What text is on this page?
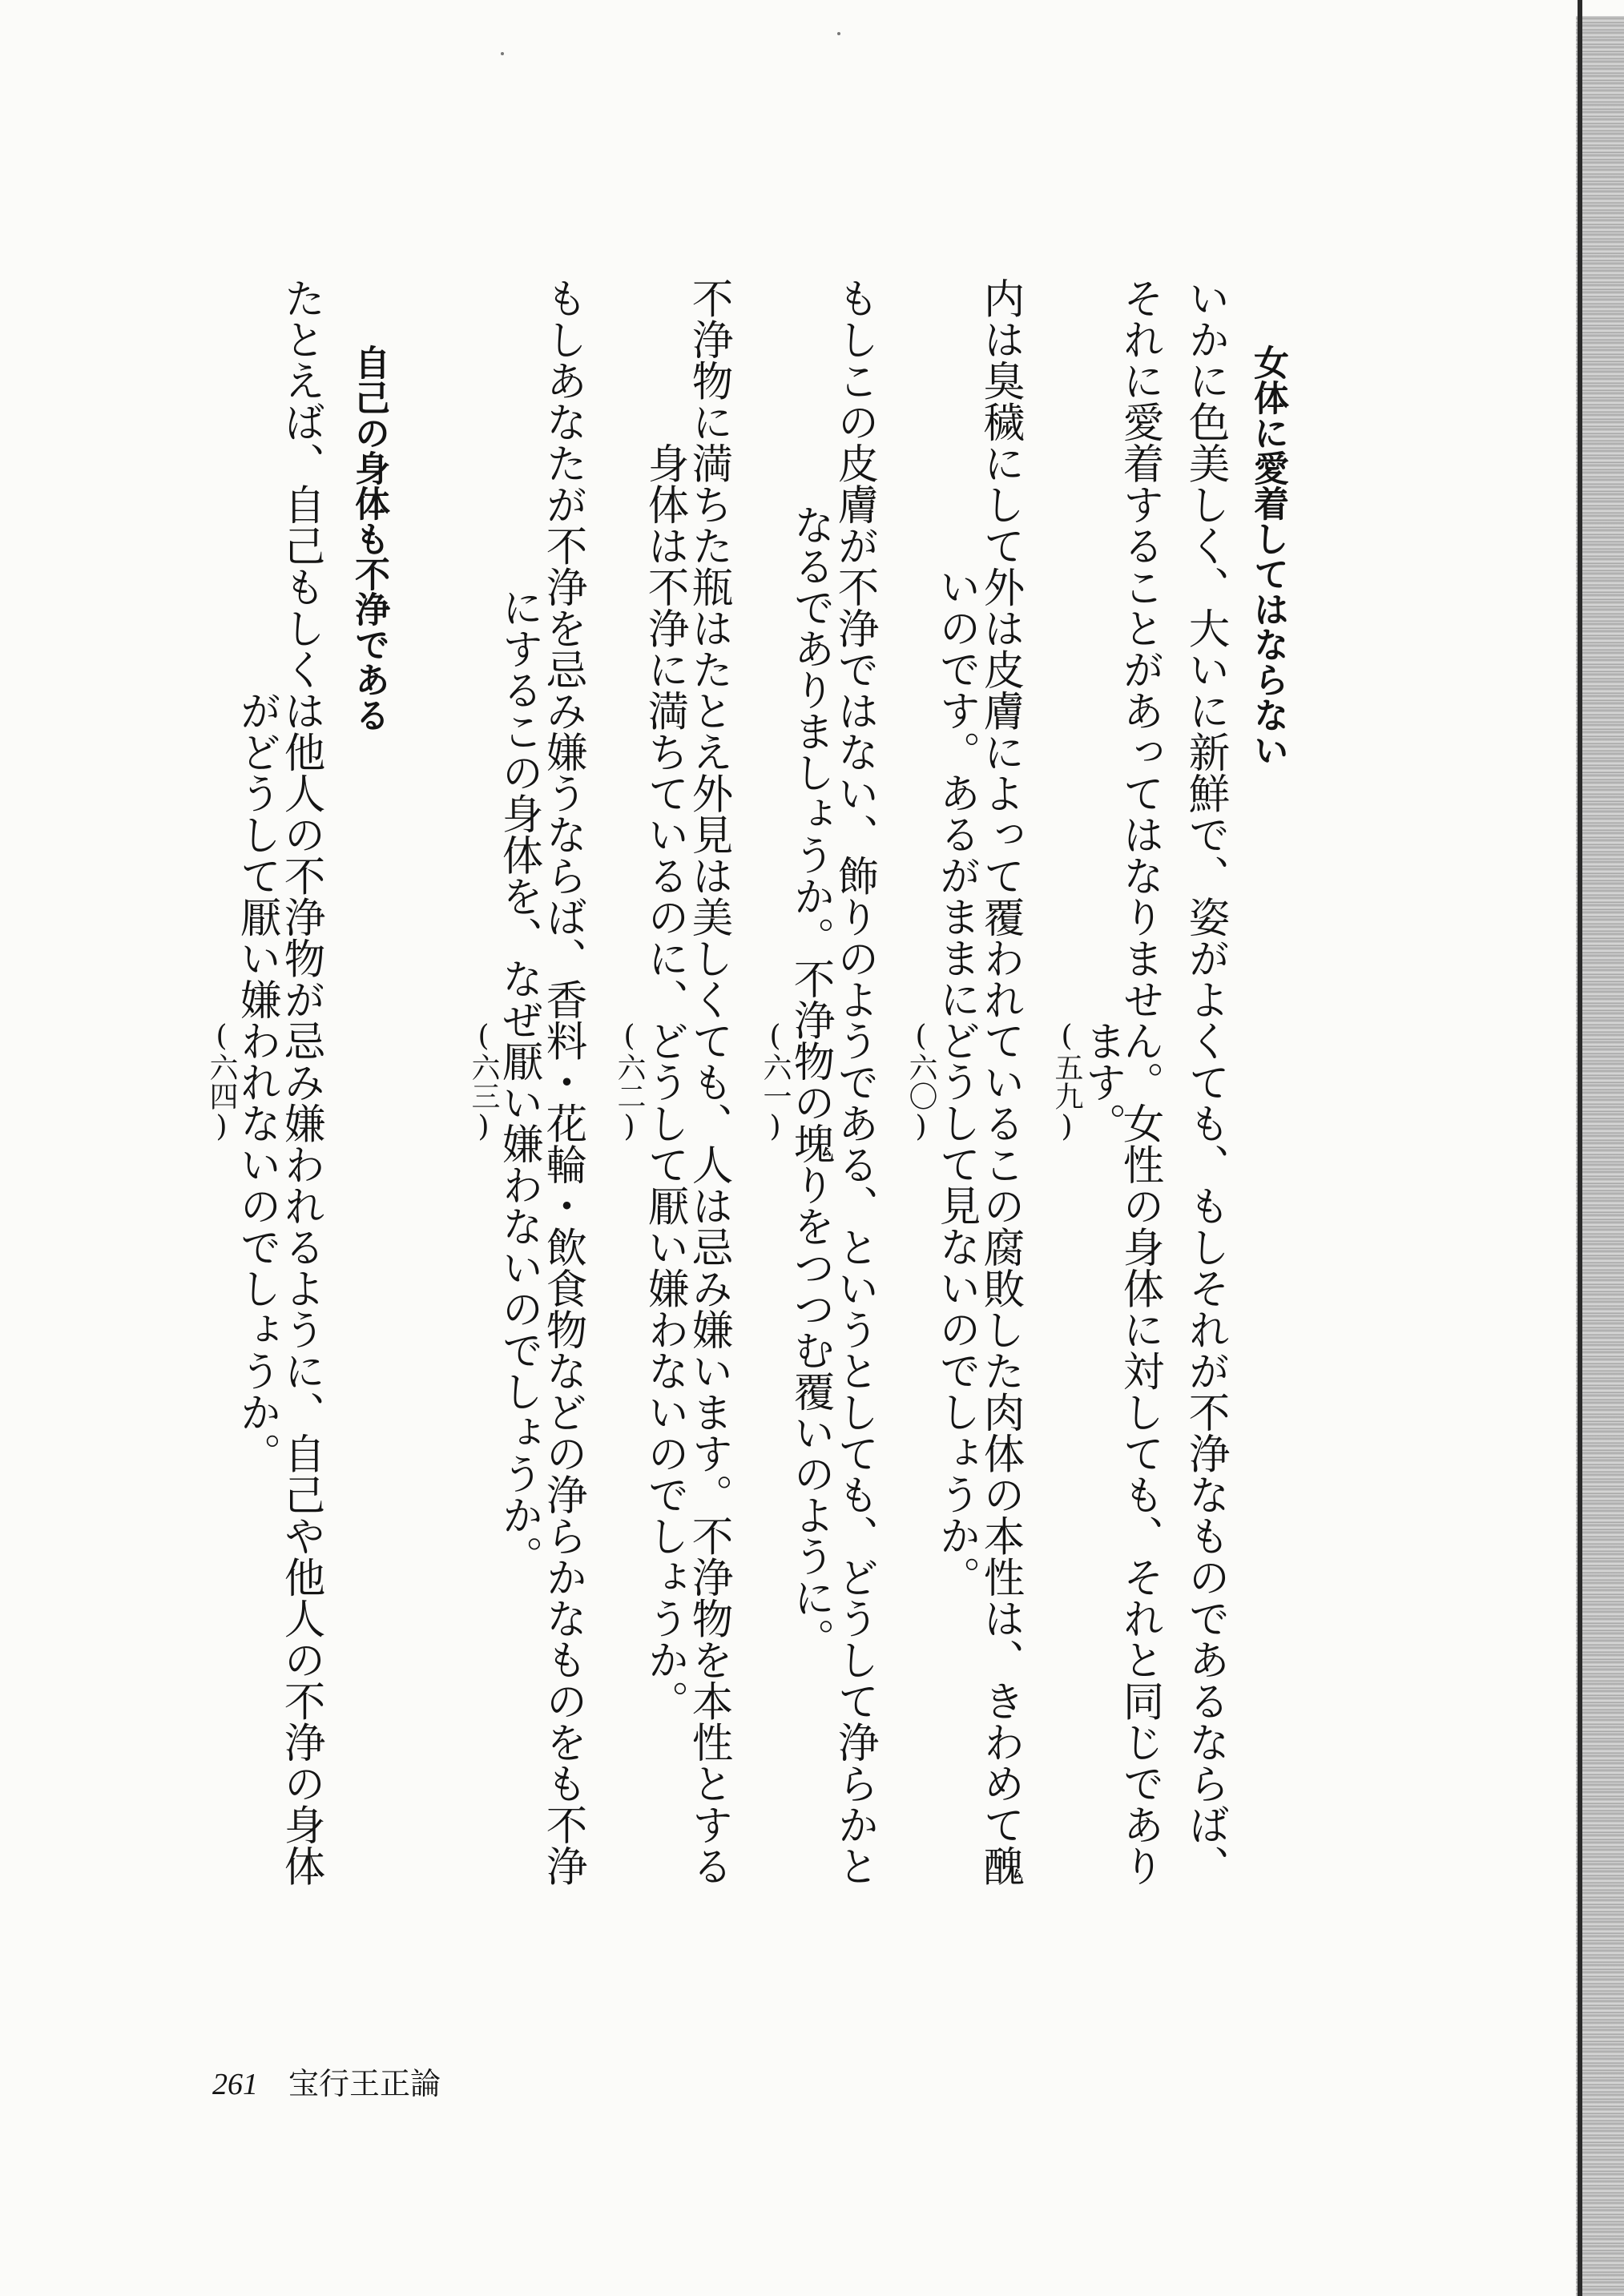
女体に愛着してはならない
いかに色美しく、大いに新鮮で、姿がよくても、もしそれが不浄なものであるならば、
それに愛着することがあってはなりません。女性の身体に対しても、それと同じであり
ます。
(五九)
内は臭穢にして外は皮膚によって覆われているこの腐敗した肉体の本性は、きわめて醜
いのです。あるがままにどうして見ないのでしょうか。
(六〇)
もしこの皮膚が不浄ではない、飾りのようである、というとしても、どうして浄らかと
なるでありましょうか。不浄物の塊りをつつむ覆いのように。
(六一)
不浄物に満ちた瓶はたとえ外見は美しくても、人は忌み嫌います。不浄物を本性とする
身体は不浄に満ちているのに、どうして厭い嫌わないのでしょうか。
(六二)
もしあなたが不浄を忌み嫌うならば、香料・花輪・飲食物などの浄らかなものをも不浄
にするこの身体を、なぜ厭い嫌わないのでしょうか。
(六三)
自己の身体も不浄である
たとえば、自己もしくは他人の不浄物が忌み嫌われるように、自己や他人の不浄の身体
がどうして厭い嫌われないのでしょうか。
(六四)
261 宝行王正論
